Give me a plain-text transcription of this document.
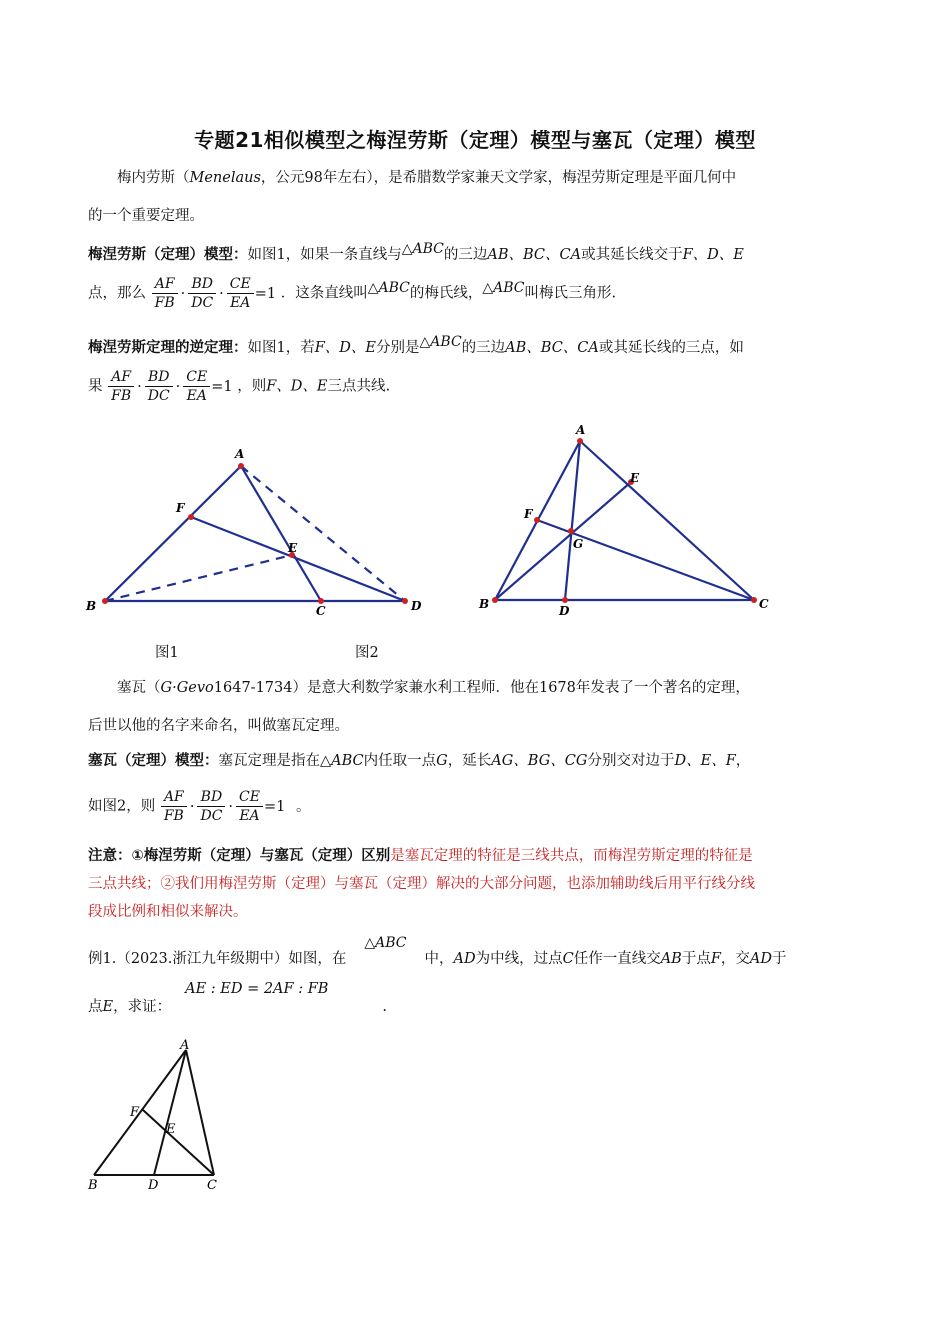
专题21相似模型之梅涅劳斯（定理）模型与塞瓦（定理）模型
梅内劳斯（Menelaus，公元98年左右），是希腊数学家兼天文学家，梅涅劳斯定理是平面几何中
的一个重要定理。
梅涅劳斯（定理）模型：如图1，如果一条直线与△ABC的三边AB、BC、CA或其延长线交于F、D、E
点，那么 $\frac{AF}{FB} \cdot \frac{BD}{DC} \cdot \frac{CE}{EA} =1$ ．这条直线叫△ABC的梅氏线，△ABC叫梅氏三角形.
梅涅劳斯定理的逆定理：如图1，若F、D、E分别是△ABC的三边AB、BC、CA或其延长线的三点，如
果 $\frac{AF}{FB} \cdot \frac{BD}{DC} \cdot \frac{CE}{EA} =1$ ，则F、D、E三点共线.
A
F
E
B	C	D
A
E
F
G
B	D	C
图1	图2
塞瓦（G·Gevo1647-1734）是意大利数学家兼水利工程师．他在1678年发表了一个著名的定理，
后世以他的名字来命名，叫做塞瓦定理。
塞瓦（定理）模型：塞瓦定理是指在△ABC内任取一点G，延长AG、BG、CG分别交对边于D、E、F，
如图2，则 $\frac{AF}{FB} \cdot \frac{BD}{DC} \cdot \frac{CE}{EA} =1$ 。
注意：①梅涅劳斯（定理）与塞瓦（定理）区别是塞瓦定理的特征是三线共点，而梅涅劳斯定理的特征是
三点共线；②我们用梅涅劳斯（定理）与塞瓦（定理）解决的大部分问题，也添加辅助线后用平行线分线
段成比例和相似来解决。
例1.（2023.浙江九年级期中）如图，在△ABC中，AD为中线，过点C任作一直线交AB于点F，交AD于
点E，求证：AE : ED = 2AF : FB.
A
F
E
B	D	C
